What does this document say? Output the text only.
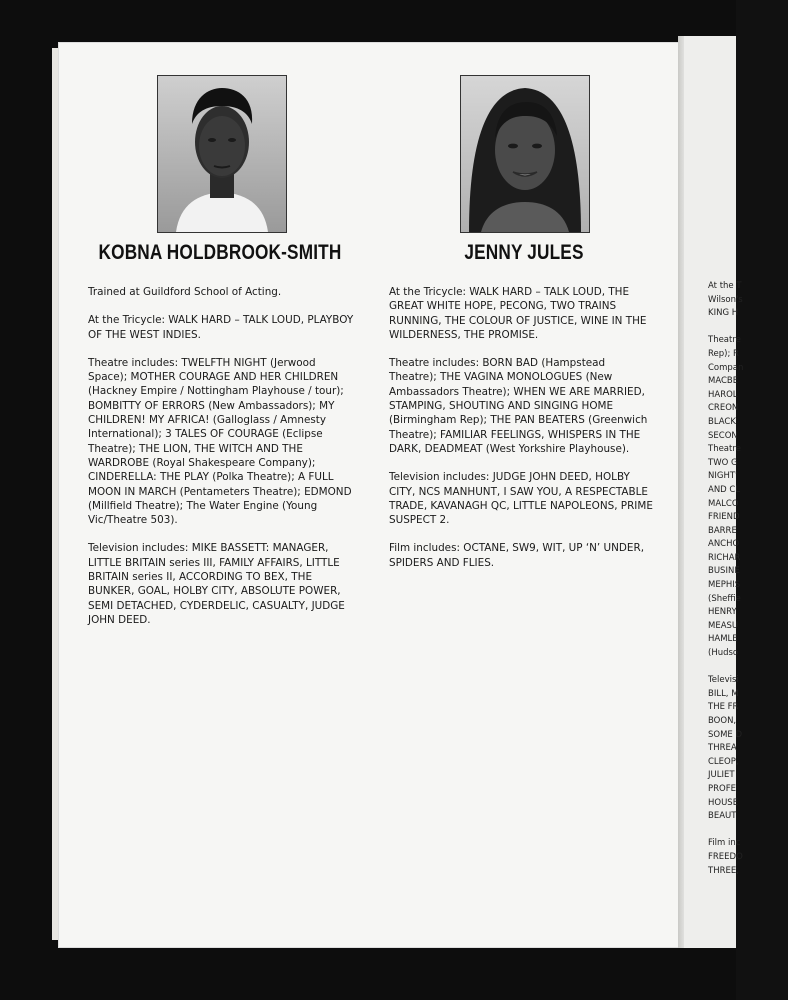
At the T
Wilson's
KING H

Theatre
Rep); R
Compan
MACBE
HAROL
CREON
BLACK
SECON
Theatre
TWO G
NIGHT'
AND CL
MALCO
FRIEND
BARRE
ANCHO
RICHAR
BUSINE
MEPHIS
(Sheffie
HENRY
MEASU
HAMLE
(Hudso

Televisi
BILL, M
THE FR
BOON,
SOME D
THREA
CLEOP,
JULIET
PROFE
HOUSE
BEAUT

Film inc
FREEDO
THREE,
KOBNA HOLDBROOK-SMITH

Trained at Guildford School of Acting.

At the Tricycle: WALK HARD – TALK LOUD, PLAYBOY OF THE WEST INDIES.

Theatre includes: TWELFTH NIGHT (Jerwood Space); MOTHER COURAGE AND HER CHILDREN (Hackney Empire / Nottingham Playhouse / tour); BOMBITTY OF ERRORS (New Ambassadors); MY CHILDREN! MY AFRICA! (Galloglass / Amnesty International); 3 TALES OF COURAGE (Eclipse Theatre); THE LION, THE WITCH AND THE WARDROBE (Royal Shakespeare Company); CINDERELLA: THE PLAY (Polka Theatre); A FULL MOON IN MARCH (Pentameters Theatre); EDMOND (Millfield Theatre); The Water Engine (Young Vic/Theatre 503).

Television includes: MIKE BASSETT: MANAGER, LITTLE BRITAIN series III, FAMILY AFFAIRS, LITTLE BRITAIN series II, ACCORDING TO BEX, THE BUNKER, GOAL, HOLBY CITY, ABSOLUTE POWER, SEMI DETACHED, CYDERDELIC, CASUALTY, JUDGE JOHN DEED.

JENNY JULES

At the Tricycle: WALK HARD – TALK LOUD, THE GREAT WHITE HOPE, PECONG, TWO TRAINS RUNNING, THE COLOUR OF JUSTICE, WINE IN THE WILDERNESS, THE PROMISE.

Theatre includes: BORN BAD (Hampstead Theatre); THE VAGINA MONOLOGUES (New Ambassadors Theatre); WHEN WE ARE MARRIED, STAMPING, SHOUTING AND SINGING HOME (Birmingham Rep); THE PAN BEATERS (Greenwich Theatre); FAMILIAR FEELINGS, WHISPERS IN THE DARK, DEADMEAT (West Yorkshire Playhouse).

Television includes: JUDGE JOHN DEED, HOLBY CITY, NCS MANHUNT, I SAW YOU, A RESPECTABLE TRADE, KAVANAGH QC, LITTLE NAPOLEONS, PRIME SUSPECT 2.

Film includes: OCTANE, SW9, WIT, UP ‘N’ UNDER, SPIDERS AND FLIES.
